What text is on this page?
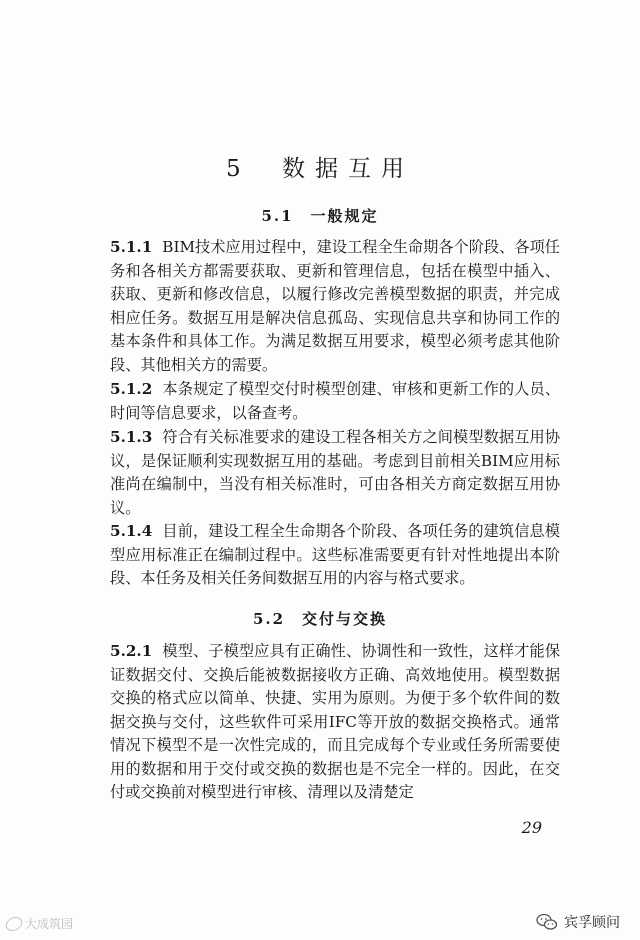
5 数据互用
5.1　一般规定

5.1.1 BIM技术应用过程中，建设工程全生命期各个阶段、各项任务和各相关方都需要获取、更新和管理信息，包括在模型中插入、获取、更新和修改信息，以履行修改完善模型数据的职责，并完成相应任务。数据互用是解决信息孤岛、实现信息共享和协同工作的基本条件和具体工作。为满足数据互用要求，模型必须考虑其他阶段、其他相关方的需要。

5.1.2 本条规定了模型交付时模型创建、审核和更新工作的人员、时间等信息要求，以备查考。

5.1.3 符合有关标准要求的建设工程各相关方之间模型数据互用协议，是保证顺利实现数据互用的基础。考虑到目前相关BIM应用标准尚在编制中，当没有相关标准时，可由各相关方商定数据互用协议。

5.1.4 目前，建设工程全生命期各个阶段、各项任务的建筑信息模型应用标准正在编制过程中。这些标准需要更有针对性地提出本阶段、本任务及相关任务间数据互用的内容与格式要求。

5.2　交付与交换

5.2.1 模型、子模型应具有正确性、协调性和一致性，这样才能保证数据交付、交换后能被数据接收方正确、高效地使用。模型数据交换的格式应以简单、快捷、实用为原则。为便于多个软件间的数据交换与交付，这些软件可采用IFC等开放的数据交换格式。通常情况下模型不是一次性完成的，而且完成每个专业或任务所需要使用的数据和用于交付或交换的数据也是不完全一样的。因此，在交付或交换前对模型进行审核、清理以及清楚定

29
大成筑园	宾孚顾问
